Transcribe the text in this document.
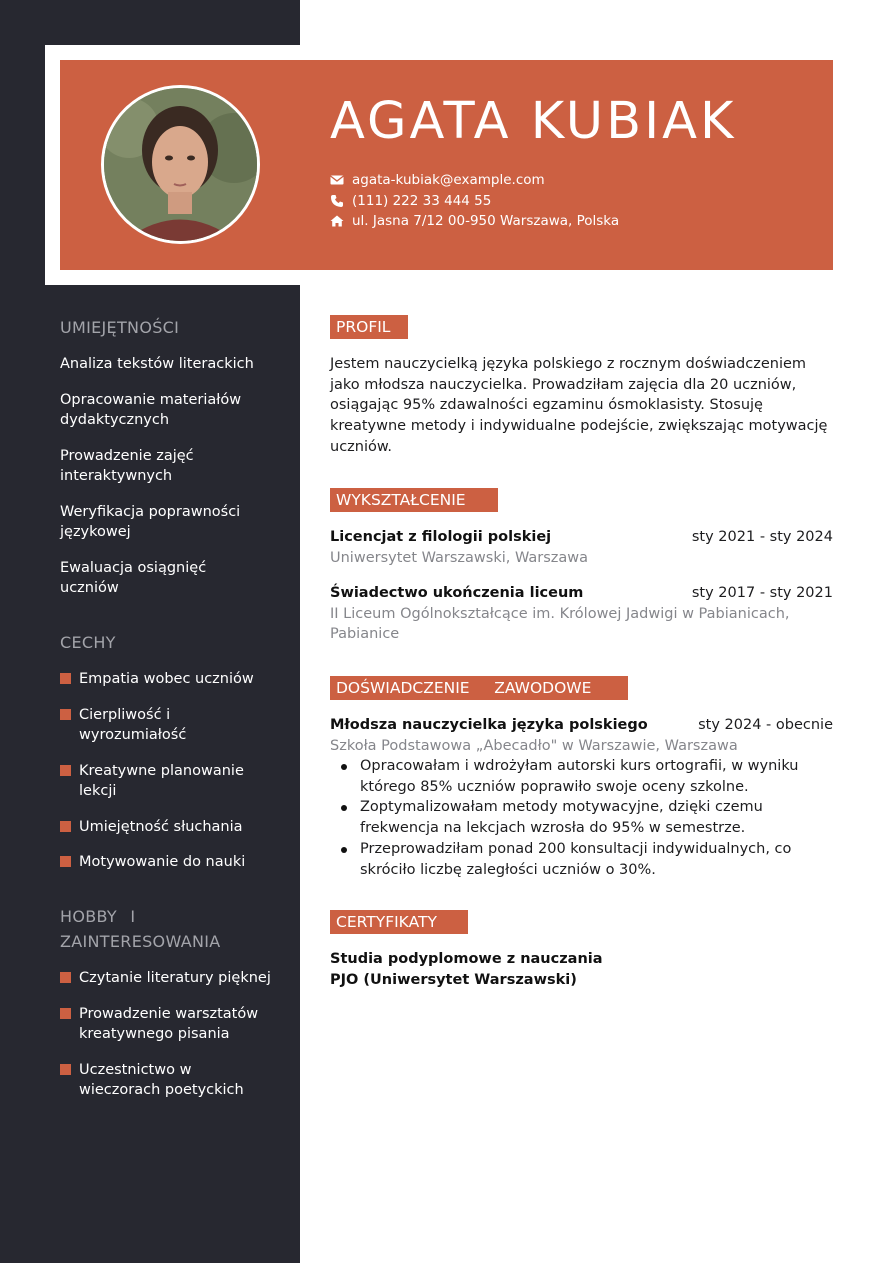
AGATA KUBIAK
agata-kubiak@example.com
(111) 222 33 444 55
ul. Jasna 7/12 00-950 Warszawa, Polska
UMIEJĘTNOŚCI
Analiza tekstów literackich
Opracowanie materiałów dydaktycznych
Prowadzenie zajęć interaktywnych
Weryfikacja poprawności językowej
Ewaluacja osiągnięć uczniów
CECHY
Empatia wobec uczniów
Cierpliwość i wyrozumiałość
Kreatywne planowanie lekcji
Umiejętność słuchania
Motywowanie do nauki
HOBBY I ZAINTERESOWANIA
Czytanie literatury pięknej
Prowadzenie warsztatów kreatywnego pisania
Uczestnictwo w wieczorach poetyckich
PROFIL

Jestem nauczycielką języka polskiego z rocznym doświadczeniem jako młodsza nauczycielka. Prowadziłam zajęcia dla 20 uczniów, osiągając 95% zdawalności egzaminu ósmoklasisty. Stosuję kreatywne metody i indywidualne podejście, zwiększając motywację uczniów.

WYKSZTAŁCENIE
Licencjat z filologii polskiej	sty 2021 - sty 2024
Uniwersytet Warszawski, Warszawa
Świadectwo ukończenia liceum	sty 2017 - sty 2021
II Liceum Ogólnokształcące im. Królowej Jadwigi w Pabianicach, Pabianice
DOŚWIADCZENIE     ZAWODOWE
Młodsza nauczycielka języka polskiego	sty 2024 - obecnie
Szkoła Podstawowa „Abecadło" w Warszawie, Warszawa
Opracowałam i wdrożyłam autorski kurs ortografii, w wyniku którego 85% uczniów poprawiło swoje oceny szkolne.
Zoptymalizowałam metody motywacyjne, dzięki czemu frekwencja na lekcjach wzrosła do 95% w semestrze.
Przeprowadziłam ponad 200 konsultacji indywidualnych, co skróciło liczbę zaległości uczniów o 30%.
CERTYFIKATY
Studia podyplomowe z nauczania PJO (Uniwersytet Warszawski)
